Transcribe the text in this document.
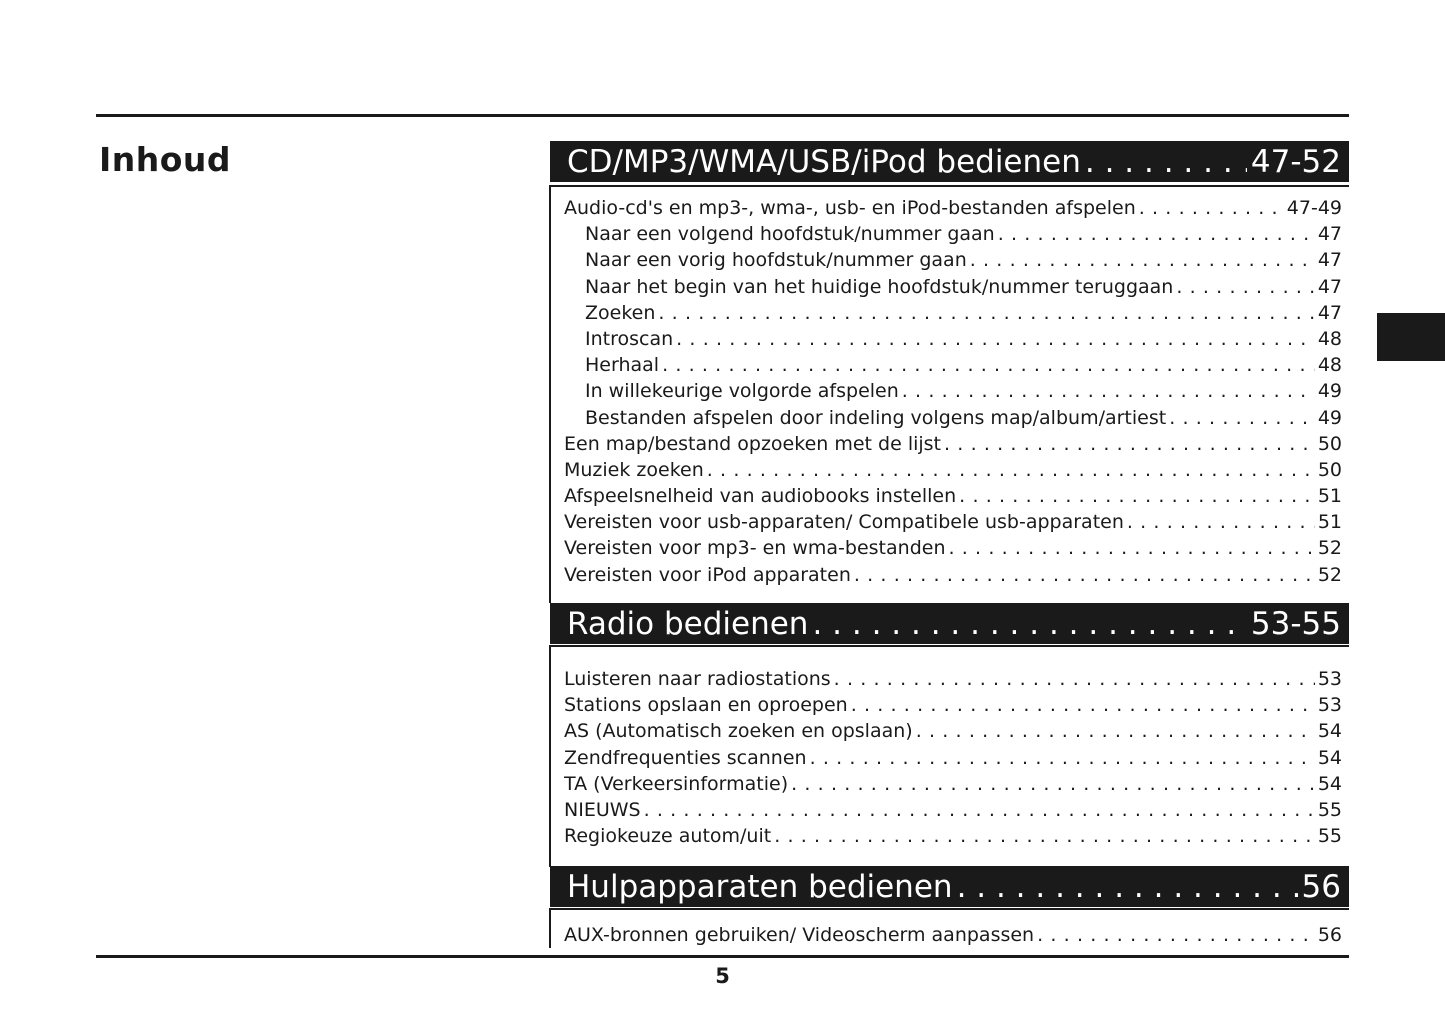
Inhoud	CD/MP3/WMA/USB/iPod bedienen . . .	47-52
Audio-cd's en mp3-, wma-, usb- en iPod-bestanden afspelen . . .	47-49
Naar een volgend hoofdstuk/nummer gaan . . .	47
Naar een vorig hoofdstuk/nummer gaan . . .	47
Naar het begin van het huidige hoofdstuk/nummer teruggaan . . .	47
Zoeken . . .	47
Introscan . . .	48
Herhaal . . .	48
In willekeurige volgorde afspelen . . .	49
Bestanden afspelen door indeling volgens map/album/artiest . . .	49
Een map/bestand opzoeken met de lijst . . .	50
Muziek zoeken . . .	50
Afspeelsnelheid van audiobooks instellen . . .	51
Vereisten voor usb-apparaten/ Compatibele usb-apparaten . . .	51
Vereisten voor mp3- en wma-bestanden . . .	52
Vereisten voor iPod apparaten . . .	52
Radio bedienen . . .	53-55
Luisteren naar radiostations . . .	53
Stations opslaan en oproepen . . .	53
AS (Automatisch zoeken en opslaan) . . .	54
Zendfrequenties scannen . . .	54
TA (Verkeersinformatie) . . .	54
NIEUWS . . .	55
Regiokeuze autom/uit . . .	55
Hulpapparaten bedienen . . .	56
AUX-bronnen gebruiken/ Videoscherm aanpassen . . .	56
5
